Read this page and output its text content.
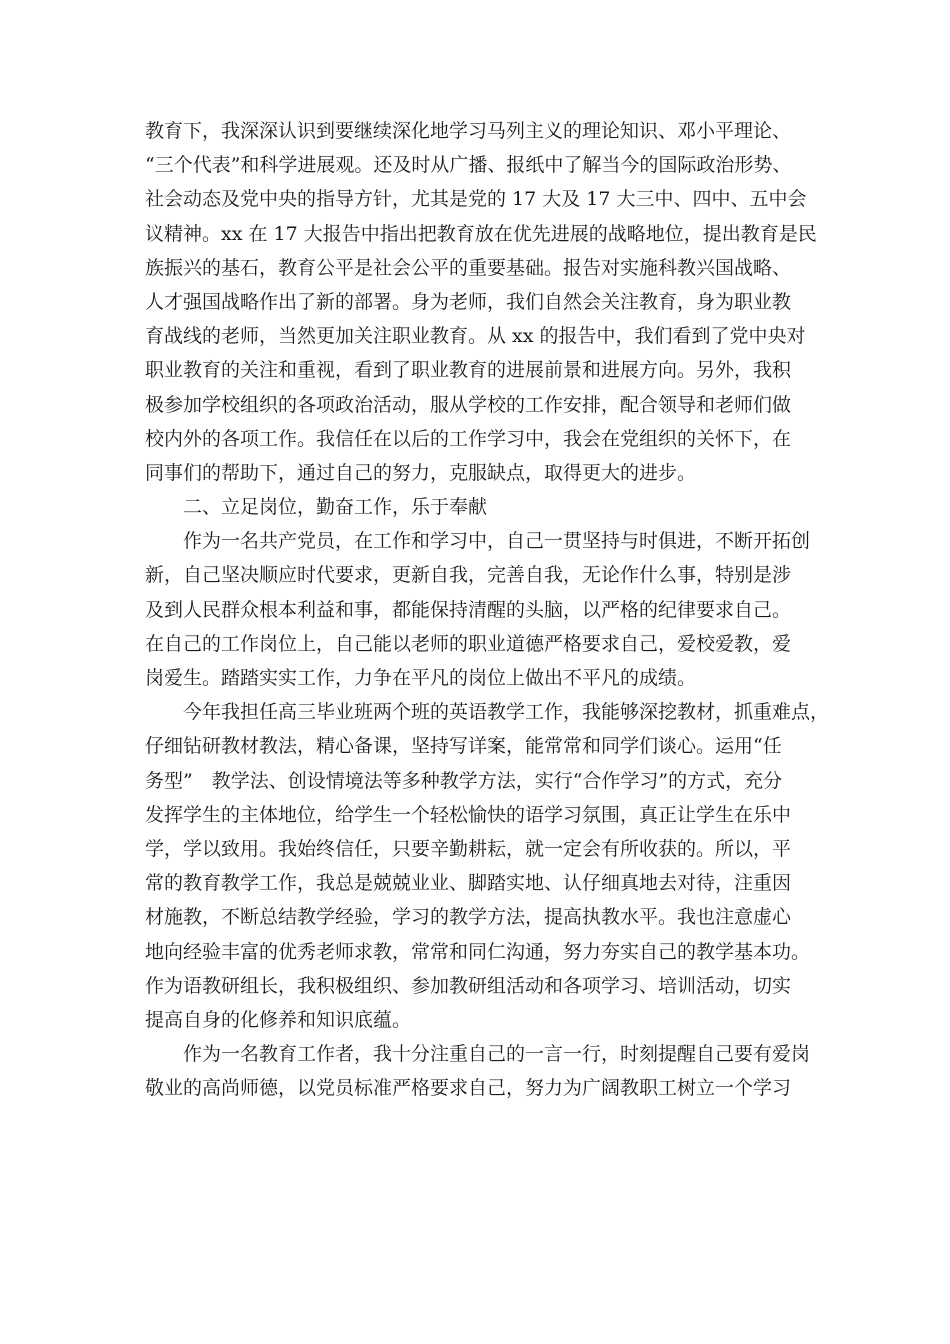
教育下，我深深认识到要继续深化地学习马列主义的理论知识、邓小平理论、
“三个代表”和科学进展观。还及时从广播、报纸中了解当今的国际政治形势、
社会动态及党中央的指导方针，尤其是党的 17 大及 17 大三中、四中、五中会
议精神。xx 在 17 大报告中指出把教育放在优先进展的战略地位，提出教育是民
族振兴的基石，教育公平是社会公平的重要基础。报告对实施科教兴国战略、
人才强国战略作出了新的部署。身为老师，我们自然会关注教育，身为职业教
育战线的老师，当然更加关注职业教育。从 xx 的报告中，我们看到了党中央对
职业教育的关注和重视，看到了职业教育的进展前景和进展方向。另外，我积
极参加学校组织的各项政治活动，服从学校的工作安排，配合领导和老师们做
校内外的各项工作。我信任在以后的工作学习中，我会在党组织的关怀下，在
同事们的帮助下，通过自己的努力，克服缺点，取得更大的进步。
　　二、立足岗位，勤奋工作，乐于奉献
　　作为一名共产党员，在工作和学习中，自己一贯坚持与时俱进，不断开拓创
新，自己坚决顺应时代要求，更新自我，完善自我，无论作什么事，特别是涉
及到人民群众根本利益和事，都能保持清醒的头脑，以严格的纪律要求自己。
在自己的工作岗位上，自己能以老师的职业道德严格要求自己，爱校爱教，爱
岗爱生。踏踏实实工作，力争在平凡的岗位上做出不平凡的成绩。
　　今年我担任高三毕业班两个班的英语教学工作，我能够深挖教材，抓重难点，
仔细钻研教材教法，精心备课，坚持写详案，能常常和同学们谈心。运用“任
务型”　教学法、创设情境法等多种教学方法，实行“合作学习”的方式，充分
发挥学生的主体地位，给学生一个轻松愉快的语学习氛围，真正让学生在乐中
学，学以致用。我始终信任，只要辛勤耕耘，就一定会有所收获的。所以，平
常的教育教学工作，我总是兢兢业业、脚踏实地、认仔细真地去对待，注重因
材施教，不断总结教学经验，学习的教学方法，提高执教水平。我也注意虚心
地向经验丰富的优秀老师求教，常常和同仁沟通，努力夯实自己的教学基本功。
作为语教研组长，我积极组织、参加教研组活动和各项学习、培训活动，切实
提高自身的化修养和知识底蕴。
　　作为一名教育工作者，我十分注重自己的一言一行，时刻提醒自己要有爱岗
敬业的高尚师德，以党员标准严格要求自己，努力为广阔教职工树立一个学习
